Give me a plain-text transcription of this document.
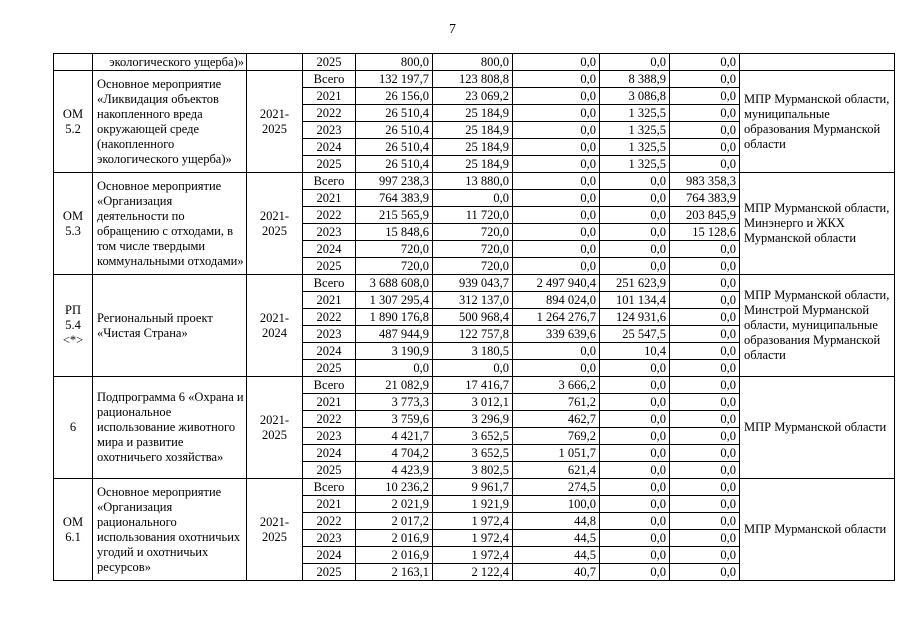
7
	экологического ущерба)»		2025	800,0	800,0	0,0	0,0	0,0	
ОМ 5.2	Основное мероприятие «Ликвидация объектов накопленного вреда окружающей среде (накопленного экологического ущерба)»	2021-2025	Всего	132 197,7	123 808,8	0,0	8 388,9	0,0	МПР Мурманской области, муниципальные образования Мурманской области
			2021	26 156,0	23 069,2	0,0	3 086,8	0,0	
			2022	26 510,4	25 184,9	0,0	1 325,5	0,0	
			2023	26 510,4	25 184,9	0,0	1 325,5	0,0	
			2024	26 510,4	25 184,9	0,0	1 325,5	0,0	
			2025	26 510,4	25 184,9	0,0	1 325,5	0,0	
ОМ 5.3	Основное мероприятие «Организация деятельности по обращению с отходами, в том числе твердыми коммунальными отходами»	2021-2025	Всего	997 238,3	13 880,0	0,0	0,0	983 358,3	МПР Мурманской области, Минэнерго и ЖКХ Мурманской области
			2021	764 383,9	0,0	0,0	0,0	764 383,9	
			2022	215 565,9	11 720,0	0,0	0,0	203 845,9	
			2023	15 848,6	720,0	0,0	0,0	15 128,6	
			2024	720,0	720,0	0,0	0,0	0,0	
			2025	720,0	720,0	0,0	0,0	0,0	
РП 5.4 <*>	Региональный проект «Чистая Страна»	2021-2024	Всего	3 688 608,0	939 043,7	2 497 940,4	251 623,9	0,0	МПР Мурманской области, Минстрой Мурманской области, муниципальные образования Мурманской области
			2021	1 307 295,4	312 137,0	894 024,0	101 134,4	0,0	
			2022	1 890 176,8	500 968,4	1 264 276,7	124 931,6	0,0	
			2023	487 944,9	122 757,8	339 639,6	25 547,5	0,0	
			2024	3 190,9	3 180,5	0,0	10,4	0,0	
			2025	0,0	0,0	0,0	0,0	0,0	
6	Подпрограмма 6 «Охрана и рациональное использование животного мира и развитие охотничьего хозяйства»	2021-2025	Всего	21 082,9	17 416,7	3 666,2	0,0	0,0	МПР Мурманской области
			2021	3 773,3	3 012,1	761,2	0,0	0,0	
			2022	3 759,6	3 296,9	462,7	0,0	0,0	
			2023	4 421,7	3 652,5	769,2	0,0	0,0	
			2024	4 704,2	3 652,5	1 051,7	0,0	0,0	
			2025	4 423,9	3 802,5	621,4	0,0	0,0	
ОМ 6.1	Основное мероприятие «Организация рационального использования охотничьих угодий и охотничьих ресурсов»	2021-2025	Всего	10 236,2	9 961,7	274,5	0,0	0,0	МПР Мурманской области
			2021	2 021,9	1 921,9	100,0	0,0	0,0	
			2022	2 017,2	1 972,4	44,8	0,0	0,0	
			2023	2 016,9	1 972,4	44,5	0,0	0,0	
			2024	2 016,9	1 972,4	44,5	0,0	0,0	
			2025	2 163,1	2 122,4	40,7	0,0	0,0	
